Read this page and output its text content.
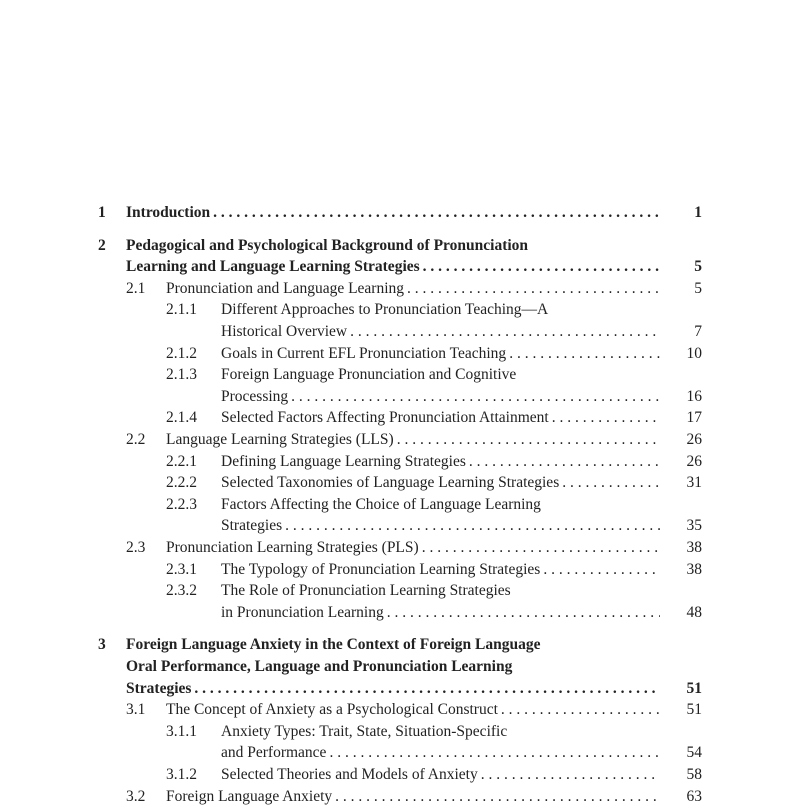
1 Introduction . . .	1
2 Pedagogical and Psychological Background of Pronunciation
Learning and Language Learning Strategies . . .	5
2.1 Pronunciation and Language Learning . . .	5
2.1.1 Different Approaches to Pronunciation Teaching—A
Historical Overview . . .	7
2.1.2 Goals in Current EFL Pronunciation Teaching . . .	10
2.1.3 Foreign Language Pronunciation and Cognitive
Processing . . .	16
2.1.4 Selected Factors Affecting Pronunciation Attainment . . .	17
2.2 Language Learning Strategies (LLS) . . .	26
2.2.1 Defining Language Learning Strategies . . .	26
2.2.2 Selected Taxonomies of Language Learning Strategies . . .	31
2.2.3 Factors Affecting the Choice of Language Learning
Strategies . . .	35
2.3 Pronunciation Learning Strategies (PLS) . . .	38
2.3.1 The Typology of Pronunciation Learning Strategies . . .	38
2.3.2 The Role of Pronunciation Learning Strategies
in Pronunciation Learning . . .	48
3 Foreign Language Anxiety in the Context of Foreign Language
Oral Performance, Language and Pronunciation Learning
Strategies . . .	51
3.1 The Concept of Anxiety as a Psychological Construct . . .	51
3.1.1 Anxiety Types: Trait, State, Situation-Specific
and Performance . . .	54
3.1.2 Selected Theories and Models of Anxiety . . .	58
3.2 Foreign Language Anxiety . . .	63
